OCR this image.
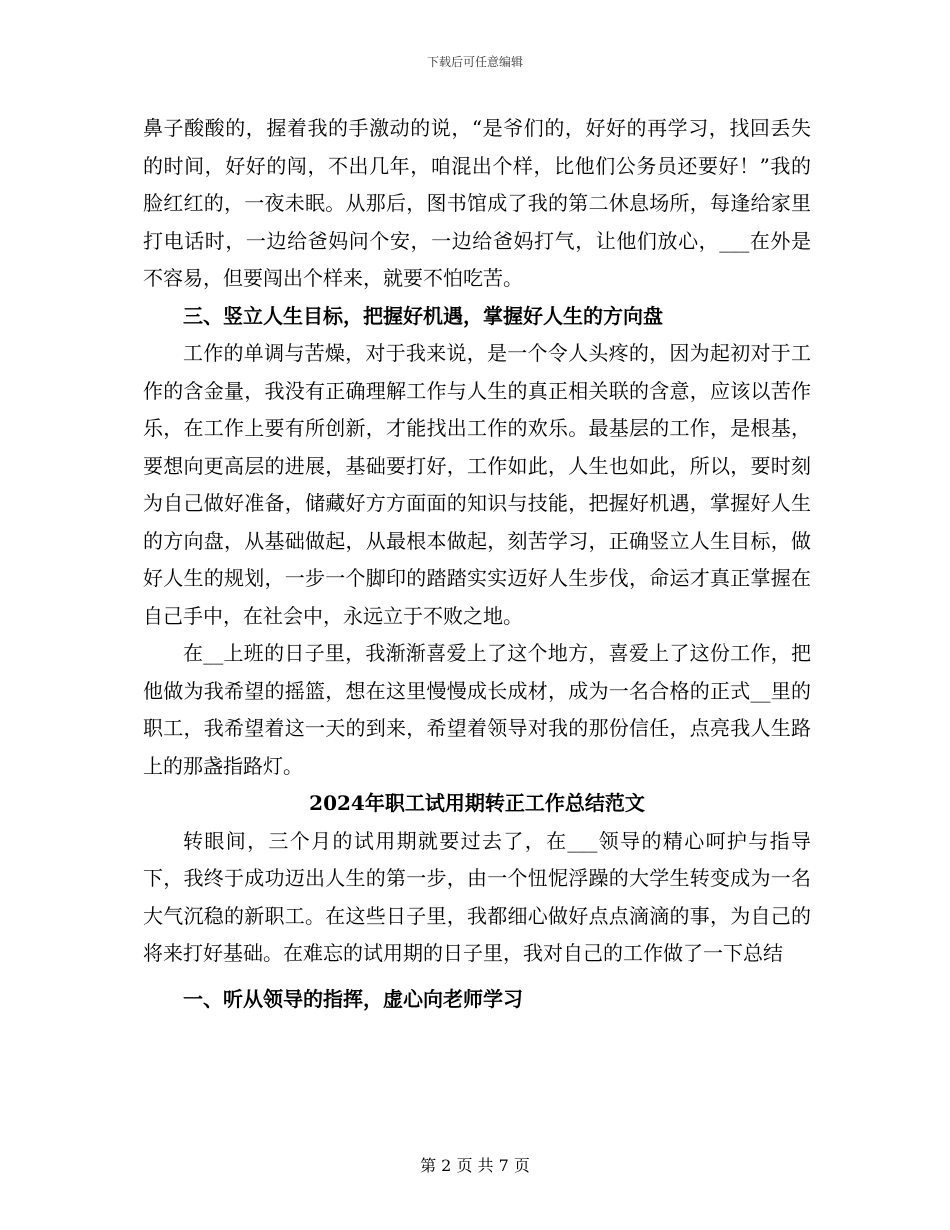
下载后可任意编辑

鼻子酸酸的，握着我的手激动的说，“是爷们的，好好的再学习，找回丢失的时间，好好的闯，不出几年，咱混出个样，比他们公务员还要好！”我的脸红红的，一夜未眠。从那后，图书馆成了我的第二休息场所，每逢给家里打电话时，一边给爸妈问个安，一边给爸妈打气，让他们放心，___在外是不容易，但要闯出个样来，就要不怕吃苦。

三、竖立人生目标，把握好机遇，掌握好人生的方向盘

工作的单调与苦燥，对于我来说，是一个令人头疼的，因为起初对于工作的含金量，我没有正确理解工作与人生的真正相关联的含意，应该以苦作乐，在工作上要有所创新，才能找出工作的欢乐。最基层的工作，是根基，要想向更高层的进展，基础要打好，工作如此，人生也如此，所以，要时刻为自己做好准备，储藏好方方面面的知识与技能，把握好机遇，掌握好人生的方向盘，从基础做起，从最根本做起，刻苦学习，正确竖立人生目标，做好人生的规划，一步一个脚印的踏踏实实迈好人生步伐，命运才真正掌握在自己手中，在社会中，永远立于不败之地。

在__上班的日子里，我渐渐喜爱上了这个地方，喜爱上了这份工作，把他做为我希望的摇篮，想在这里慢慢成长成材，成为一名合格的正式__里的职工，我希望着这一天的到来，希望着领导对我的那份信任，点亮我人生路上的那盏指路灯。

2024年职工试用期转正工作总结范文

转眼间，三个月的试用期就要过去了，在___领导的精心呵护与指导下，我终于成功迈出人生的第一步，由一个忸怩浮躁的大学生转变成为一名大气沉稳的新职工。在这些日子里，我都细心做好点点滴滴的事，为自己的将来打好基础。在难忘的试用期的日子里，我对自己的工作做了一下总结

一、听从领导的指挥，虚心向老师学习

第 2 页 共 7 页
